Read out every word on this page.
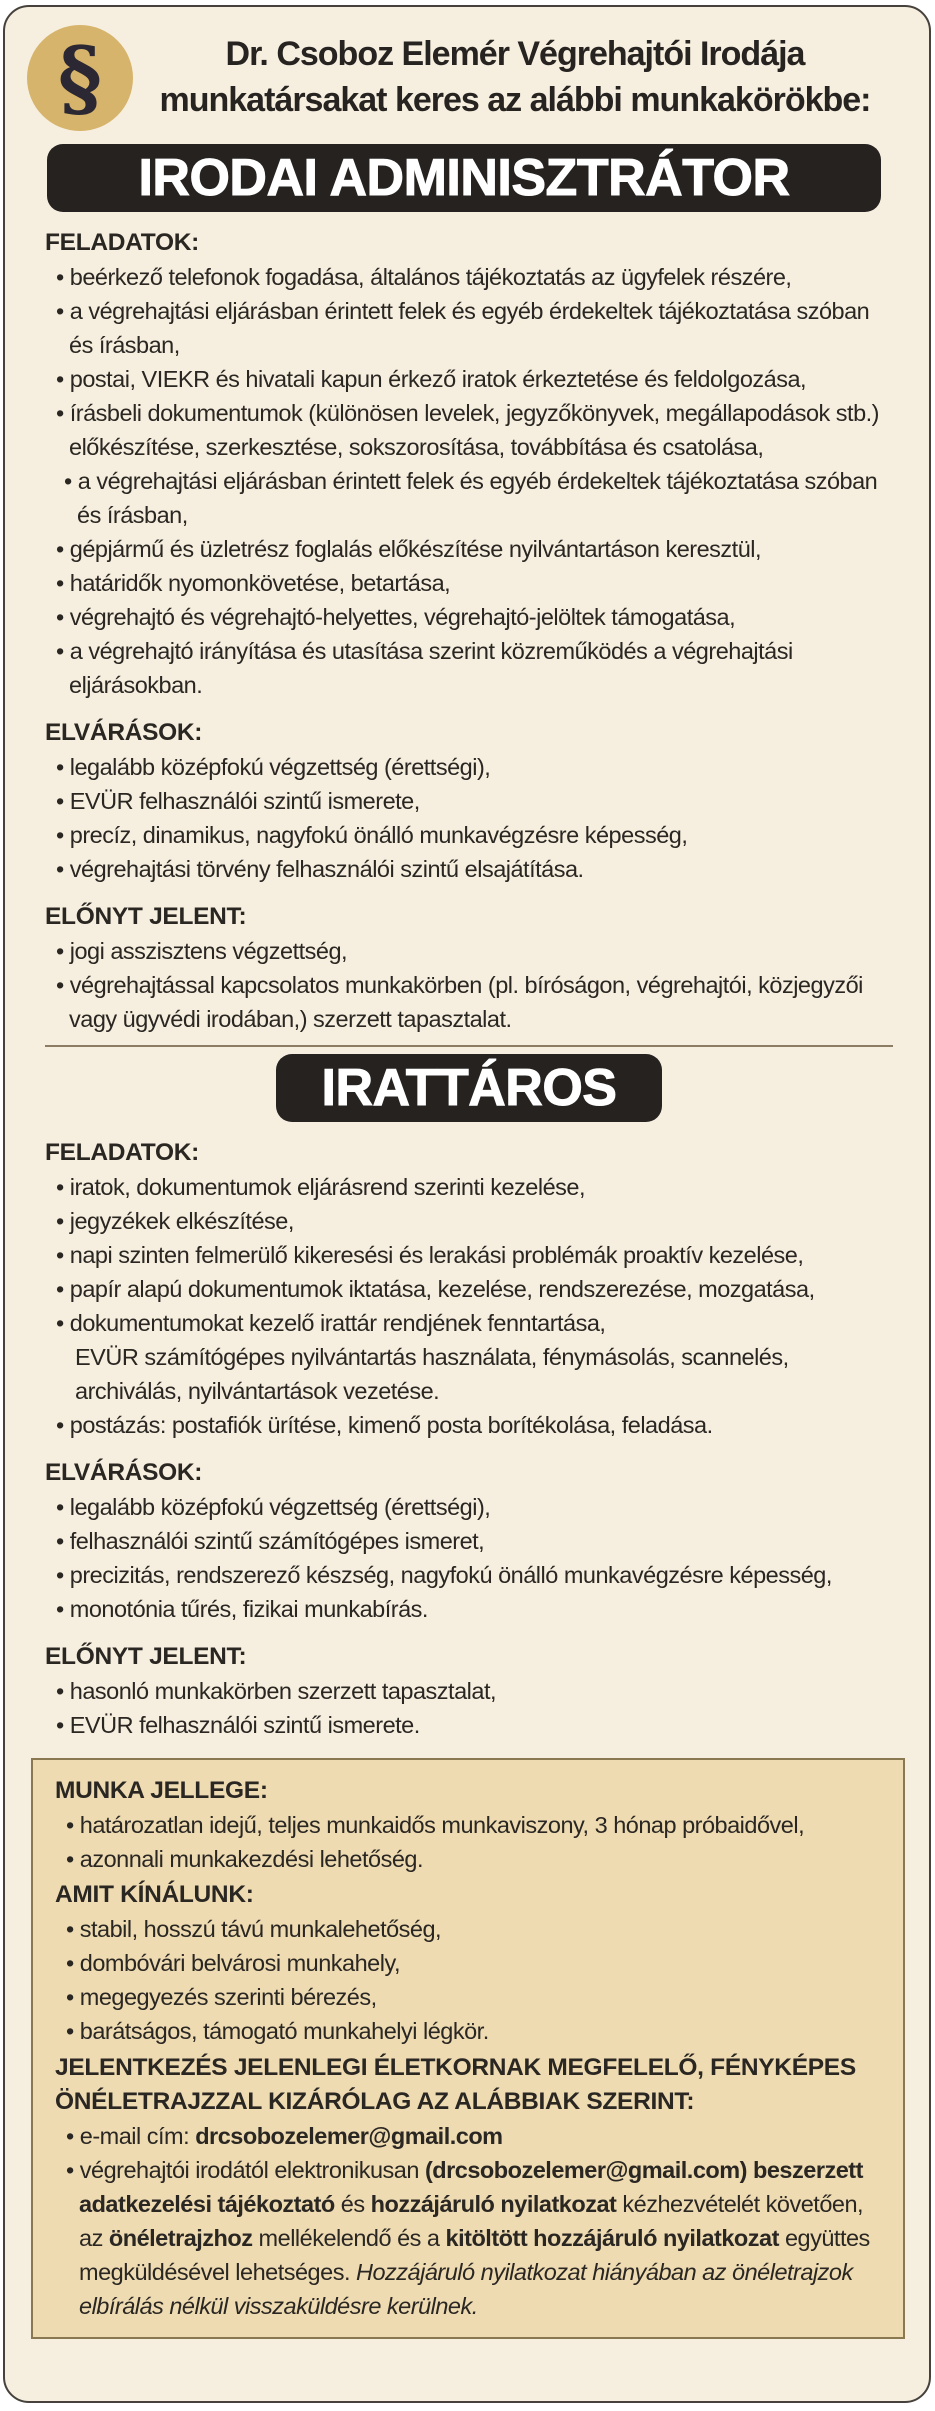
§	Dr. Csoboz Elemér Végrehajtói Irodája
munkatársakat keres az alábbi munkakörökbe:
IRODAI ADMINISZTRÁTOR
FELADATOK:
• beérkező telefonok fogadása, általános tájékoztatás az ügyfelek részére,
• a végrehajtási eljárásban érintett felek és egyéb érdekeltek tájékoztatása szóban és írásban,
• postai, VIEKR és hivatali kapun érkező iratok érkeztetése és feldolgozása,
• írásbeli dokumentumok (különösen levelek, jegyzőkönyvek, megállapodások stb.) előkészítése, szerkesztése, sokszorosítása, továbbítása és csatolása,
• a végrehajtási eljárásban érintett felek és egyéb érdekeltek tájékoztatása szóban és írásban,
• gépjármű és üzletrész foglalás előkészítése nyilvántartáson keresztül,
• határidők nyomonkövetése, betartása,
• végrehajtó és végrehajtó-helyettes, végrehajtó-jelöltek támogatása,
• a végrehajtó irányítása és utasítása szerint közreműködés a végrehajtási eljárásokban.
ELVÁRÁSOK:
• legalább középfokú végzettség (érettségi),
• EVÜR felhasználói szintű ismerete,
• precíz, dinamikus, nagyfokú önálló munkavégzésre képesség,
• végrehajtási törvény felhasználói szintű elsajátítása.
ELŐNYT JELENT:
• jogi asszisztens végzettség,
• végrehajtással kapcsolatos munkakörben (pl. bíróságon, végrehajtói, közjegyzői vagy ügyvédi irodában,) szerzett tapasztalat.
IRATTÁROS
FELADATOK:
• iratok, dokumentumok eljárásrend szerinti kezelése,
• jegyzékek elkészítése,
• napi szinten felmerülő kikeresési és lerakási problémák proaktív kezelése,
• papír alapú dokumentumok iktatása, kezelése, rendszerezése, mozgatása,
• dokumentumokat kezelő irattár rendjének fenntartása,
EVÜR számítógépes nyilvántartás használata, fénymásolás, scannelés, archiválás, nyilvántartások vezetése.
• postázás: postafiók ürítése, kimenő posta borítékolása, feladása.
ELVÁRÁSOK:
• legalább középfokú végzettség (érettségi),
• felhasználói szintű számítógépes ismeret,
• precizitás, rendszerező készség, nagyfokú önálló munkavégzésre képesség,
• monotónia tűrés, fizikai munkabírás.
ELŐNYT JELENT:
• hasonló munkakörben szerzett tapasztalat,
• EVÜR felhasználói szintű ismerete.
MUNKA JELLEGE:
• határozatlan idejű, teljes munkaidős munkaviszony, 3 hónap próbaidővel,
• azonnali munkakezdési lehetőség.
AMIT KÍNÁLUNK:
• stabil, hosszú távú munkalehetőség,
• dombóvári belvárosi munkahely,
• megegyezés szerinti bérezés,
• barátságos, támogató munkahelyi légkör.
JELENTKEZÉS JELENLEGI ÉLETKORNAK MEGFELELŐ, FÉNYKÉPES ÖNÉLETRAJZZAL KIZÁRÓLAG AZ ALÁBBIAK SZERINT:
• e-mail cím: drcsobozelemer@gmail.com
• végrehajtói irodától elektronikusan (drcsobozelemer@gmail.com) beszerzett adatkezelési tájékoztató és hozzájáruló nyilatkozat kézhezvételét követően, az önéletrajzhoz mellékelendő és a kitöltött hozzájáruló nyilatkozat együttes megküldésével lehetséges. Hozzájáruló nyilatkozat hiányában az önéletrajzok elbírálás nélkül visszaküldésre kerülnek.
